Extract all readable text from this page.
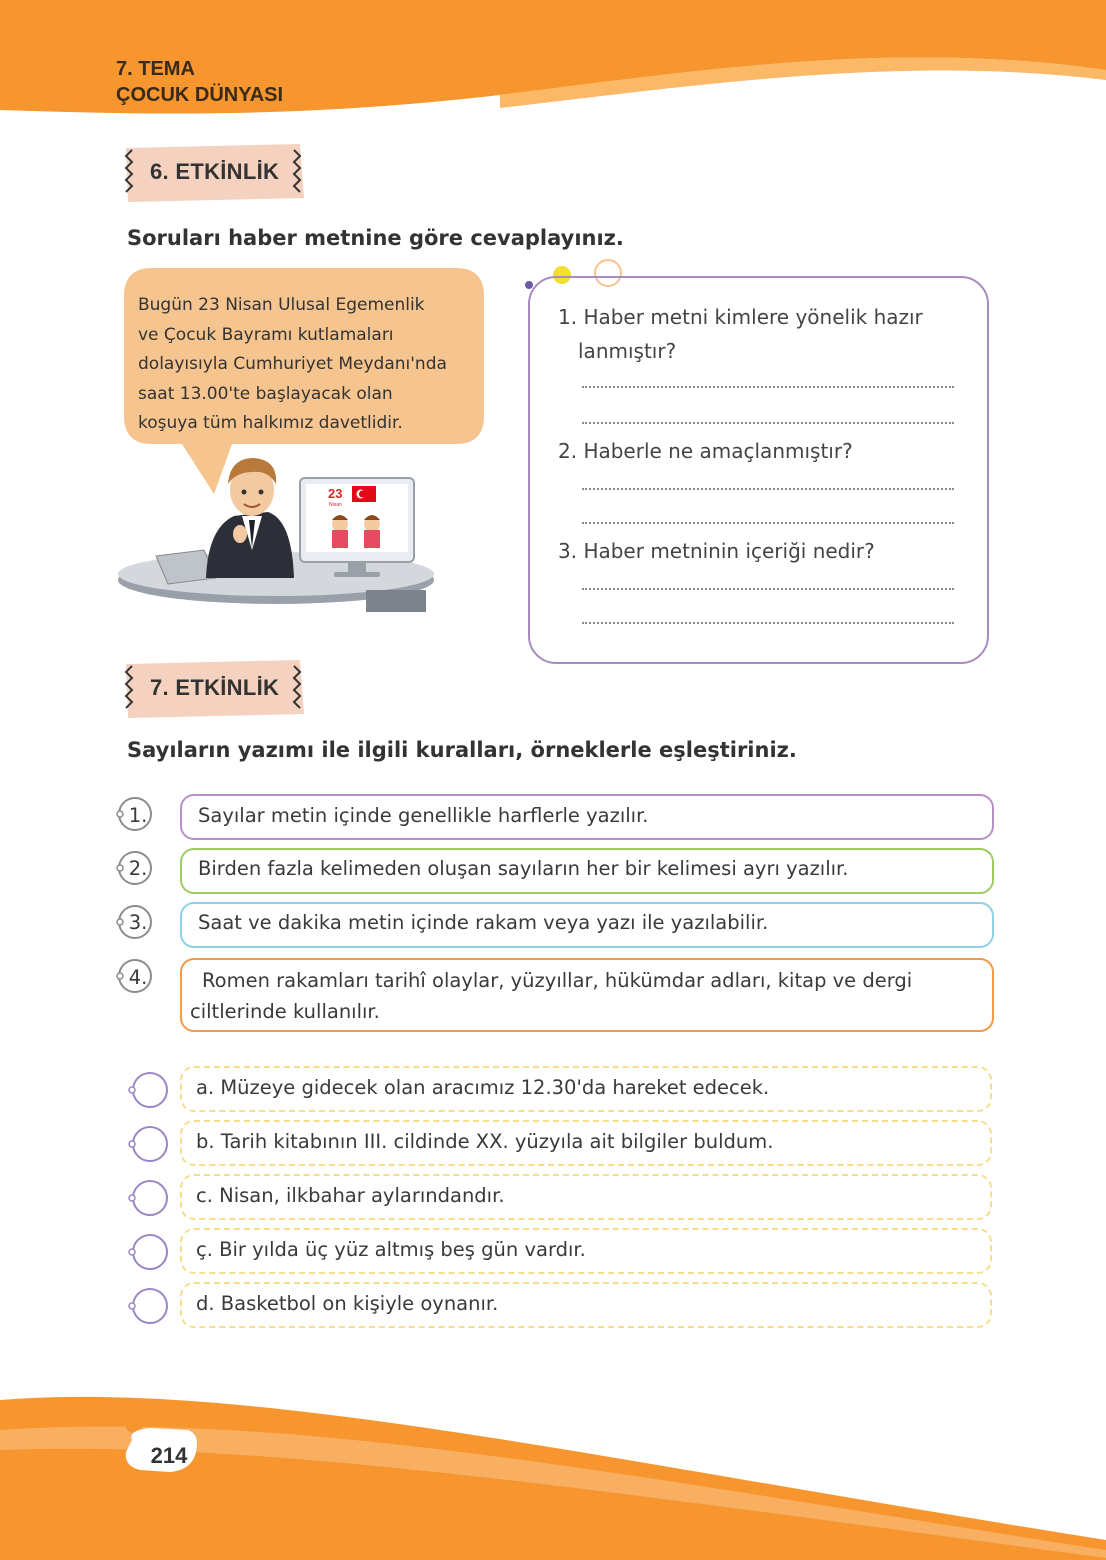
7. TEMA
ÇOCUK DÜNYASI
6. ETKİNLİK
Soruları haber metnine göre cevaplayınız.
Bugün 23 Nisan Ulusal Egemenlik
ve Çocuk Bayramı kutlamaları
dolayısıyla Cumhuriyet Meydanı'nda
saat 13.00'te başlayacak olan
koşuya tüm halkımız davetlidir.
23
Nisan
1. Haber metni kimlere yönelik hazır
lanmıştır?
2. Haberle ne amaçlanmıştır?
3. Haber metninin içeriği nedir?
7. ETKİNLİK
Sayıların yazımı ile ilgili kuralları, örneklerle eşleştiriniz.
1.	Sayılar metin içinde genellikle harflerle yazılır.
2.	Birden fazla kelimeden oluşan sayıların her bir kelimesi ayrı yazılır.
3.	Saat ve dakika metin içinde rakam veya yazı ile yazılabilir.
4.	Romen rakamları tarihî olaylar, yüzyıllar, hükümdar adları, kitap ve dergi
ciltlerinde kullanılır.
a. Müzeye gidecek olan aracımız 12.30'da hareket edecek.
b. Tarih kitabının III. cildinde XX. yüzyıla ait bilgiler buldum.
c. Nisan, ilkbahar aylarındandır.
ç. Bir yılda üç yüz altmış beş gün vardır.
d. Basketbol on kişiyle oynanır.
214
